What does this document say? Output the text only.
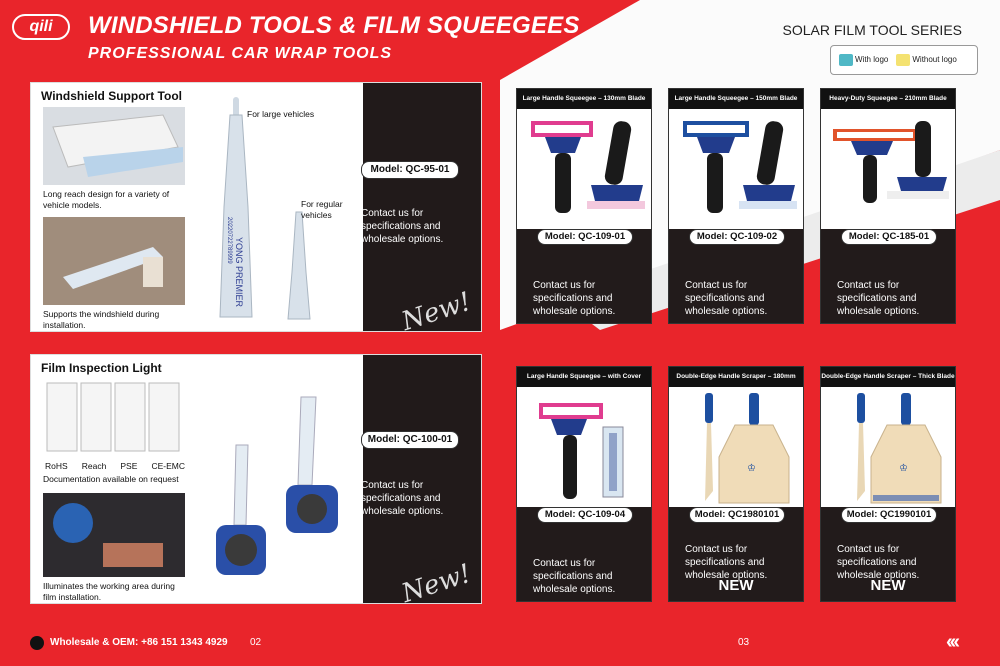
qili	WINDSHIELD TOOLS & FILM SQUEEGEES
PROFESSIONAL CAR WRAP TOOLS
SOLAR FILM TOOL SERIES
With logo	Without logo
Windshield Support Tool
Long reach design for a variety of vehicle models.
Supports the windshield during installation.
YONG PREMIER
20220722789999
For large vehicles
For regular vehicles
Model: QC-95-01
Contact us for specifications and wholesale options.
New!
Film Inspection Light
RoHS Reach PSE CE-EMC
Documentation available on request
Illuminates the working area during film installation.
Model: QC-100-01
Contact us for specifications and wholesale options.
New!
Large Handle Squeegee – 130mm Blade
Model: QC-109-01
Contact us for specifications and wholesale options.
Large Handle Squeegee – 150mm Blade
Model: QC-109-02
Contact us for specifications and wholesale options.
Heavy-Duty Squeegee – 210mm Blade
Model: QC-185-01
Contact us for specifications and wholesale options.
Large Handle Squeegee – with Cover
Model: QC-109-04
Contact us for specifications and wholesale options.
Double-Edge Handle Scraper – 180mm
♔
Model: QC1980101
Contact us for specifications and wholesale options.
NEW
Double-Edge Handle Scraper – Thick Blade
♔
Model: QC1990101
Contact us for specifications and wholesale options.
NEW
Wholesale & OEM: +86 151 1343 4929 02	03	‹‹‹
